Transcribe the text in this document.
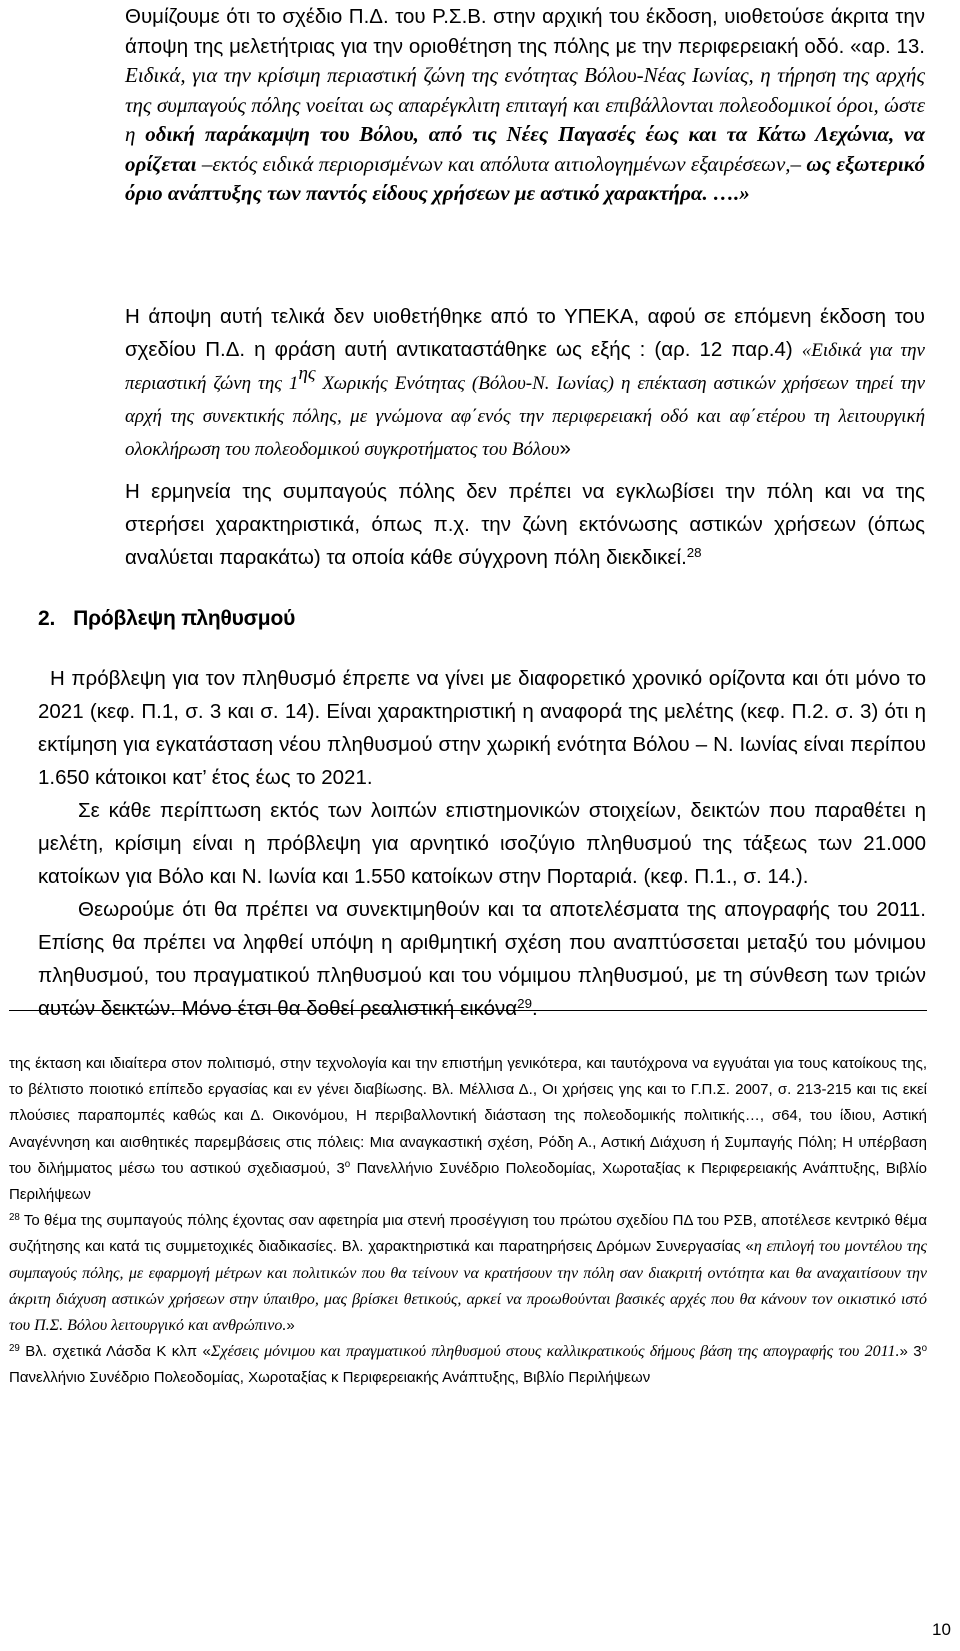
Θυμίζουμε ότι το σχέδιο Π.Δ. του Ρ.Σ.Β. στην αρχική του έκδοση, υιοθετούσε άκριτα την άποψη της μελετήτριας για την οριοθέτηση της πόλης με την περιφερειακή οδό. «αρ. 13. Ειδικά, για την κρίσιμη περιαστική ζώνη της ενότητας Βόλου-Νέας Ιωνίας, η τήρηση της αρχής της συμπαγούς πόλης νοείται ως απαρέγκλιτη επιταγή και επιβάλλονται πολεοδομικοί όροι, ώστε η οδική παράκαμψη του Βόλου, από τις Νέες Παγασές έως και τα Κάτω Λεχώνια, να ορίζεται –εκτός ειδικά περιορισμένων και απόλυτα αιτιολογημένων εξαιρέσεων,– ως εξωτερικό όριο ανάπτυξης των παντός είδους χρήσεων με αστικό χαρακτήρα. ….»
Η άποψη αυτή τελικά δεν υιοθετήθηκε από το ΥΠΕΚΑ, αφού σε επόμενη έκδοση του σχεδίου Π.Δ. η φράση αυτή αντικαταστάθηκε ως εξής : (αρ. 12 παρ.4) «Ειδικά για την περιαστική ζώνη της $1^{\eta\varsigma}$ Χωρικής Ενότητας (Βόλου-Ν. Ιωνίας) η επέκταση αστικών χρήσεων τηρεί την αρχή της συνεκτικής πόλης, με γνώμονα αφ΄ενός την περιφερειακή οδό και αφ΄ετέρου τη λειτουργική ολοκλήρωση του πολεοδομικού συγκροτήματος του Βόλου»
Η ερμηνεία της συμπαγούς πόλης δεν πρέπει να εγκλωβίσει την πόλη και να της στερήσει χαρακτηριστικά, όπως π.χ. την ζώνη εκτόνωσης αστικών χρήσεων (όπως αναλύεται παρακάτω) τα οποία κάθε σύγχρονη πόλη διεκδικεί.$^{28}$
2. Πρόβλεψη πληθυσμού

Η πρόβλεψη για τον πληθυσμό έπρεπε να γίνει με διαφορετικό χρονικό ορίζοντα και ότι μόνο το 2021 (κεφ. Π.1, σ. 3 και σ. 14). Είναι χαρακτηριστική η αναφορά της μελέτης (κεφ. Π.2. σ. 3) ότι η εκτίμηση για εγκατάσταση νέου πληθυσμού στην χωρική ενότητα Βόλου – Ν. Ιωνίας είναι περίπου 1.650 κάτοικοι κατ’ έτος έως το 2021.

Σε κάθε περίπτωση εκτός των λοιπών επιστημονικών στοιχείων, δεικτών που παραθέτει η μελέτη, κρίσιμη είναι η πρόβλεψη για αρνητικό ισοζύγιο πληθυσμού της τάξεως των 21.000 κατοίκων για Βόλο και Ν. Ιωνία και 1.550 κατοίκων στην Πορταριά. (κεφ. Π.1., σ. 14.).

Θεωρούμε ότι θα πρέπει να συνεκτιμηθούν και τα αποτελέσματα της απογραφής του 2011. Επίσης θα πρέπει να ληφθεί υπόψη η αριθμητική σχέση που αναπτύσσεται μεταξύ του μόνιμου πληθυσμού, του πραγματικού πληθυσμού και του νόμιμου πληθυσμού, με τη σύνθεση των τριών αυτών δεικτών. Μόνο έτσι θα δοθεί ρεαλιστική εικόνα$^{29}$.

της έκταση και ιδιαίτερα στον πολιτισμό, στην τεχνολογία και την επιστήμη γενικότερα, και ταυτόχρονα να εγγυάται για τους κατοίκους της, το βέλτιστο ποιοτικό επίπεδο εργασίας και εν γένει διαβίωσης. Βλ. Μέλλισα Δ., Οι χρήσεις γης και το Γ.Π.Σ. 2007, σ. 213-215 και τις εκεί πλούσιες παραπομπές καθώς και Δ. Οικονόμου, Η περιβαλλοντική διάσταση της πολεοδομικής πολιτικής…, σ64, του ίδιου, Αστική Αναγέννηση και αισθητικές παρεμβάσεις στις πόλεις: Μια αναγκαστική σχέση, Ρόδη Α., Αστική Διάχυση ή Συμπαγής Πόλη; Η υπέρβαση του διλήμματος μέσω του αστικού σχεδιασμού, $3^o$ Πανελλήνιο Συνέδριο Πολεοδομίας, Χωροταξίας κ Περιφερειακής Ανάπτυξης, Βιβλίο Περιλήψεων

$^{28}$ Το θέμα της συμπαγούς πόλης έχοντας σαν αφετηρία μια στενή προσέγγιση του πρώτου σχεδίου ΠΔ του ΡΣΒ, αποτέλεσε κεντρικό θέμα συζήτησης και κατά τις συμμετοχικές διαδικασίες. Βλ. χαρακτηριστικά και παρατηρήσεις Δρόμων Συνεργασίας «η επιλογή του μοντέλου της συμπαγούς πόλης, με εφαρμογή μέτρων και πολιτικών που θα τείνουν να κρατήσουν την πόλη σαν διακριτή οντότητα και θα αναχαιτίσουν την άκριτη διάχυση αστικών χρήσεων στην ύπαιθρο, μας βρίσκει θετικούς, αρκεί να προωθούνται βασικές αρχές που θα κάνουν τον οικιστικό ιστό του Π.Σ. Βόλου λειτουργικό και ανθρώπινο.»

$^{29}$ Βλ. σχετικά Λάσδα Κ κλπ «Σχέσεις μόνιμου και πραγματικού πληθυσμού στους καλλικρατικούς δήμους βάση της απογραφής του 2011.» $3^o$ Πανελλήνιο Συνέδριο Πολεοδομίας, Χωροταξίας κ Περιφερειακής Ανάπτυξης, Βιβλίο Περιλήψεων

10
